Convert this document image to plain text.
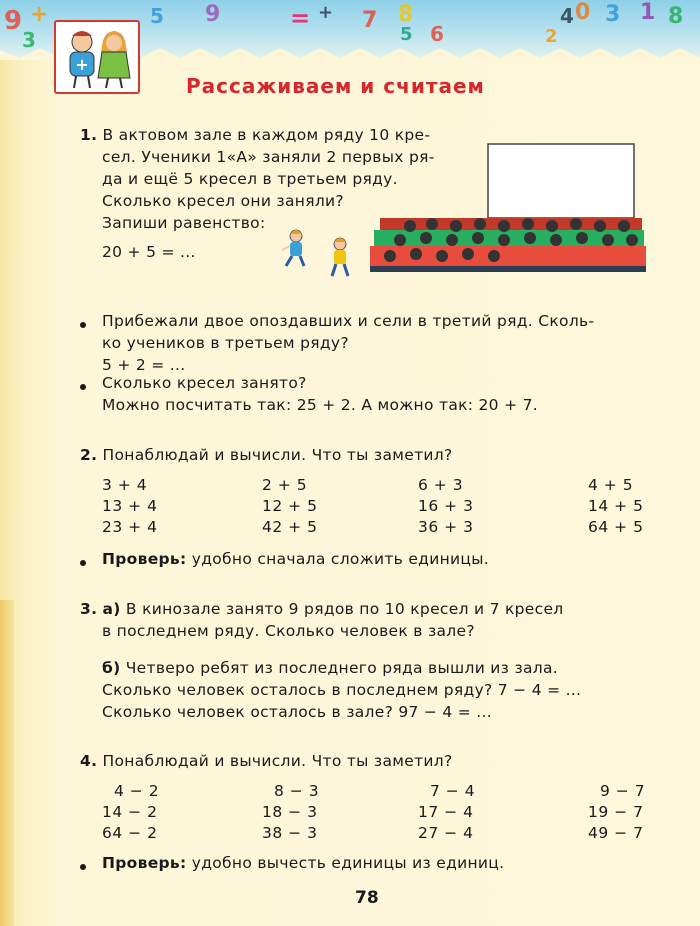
9 +
3
5 9	= + 7 8
5 6
4 0 3 1 8
2
+
Рассаживаем и считаем
1. В актовом зале в каждом ряду 10 кре-
сел. Ученики 1«А» заняли 2 первых ря-
да и ещё 5 кресел в третьем ряду.
Сколько кресел они заняли?
Запиши равенство:
20 + 5 = ...
Прибежали двое опоздавших и сели в третий ряд. Сколь-
ко учеников в третьем ряду?
5 + 2 = ...
Сколько кресел занято?
Можно посчитать так: 25 + 2. А можно так: 20 + 7.
2. Понаблюдай и вычисли. Что ты заметил?
3 + 4
13 + 4
23 + 4
2 + 5
12 + 5
42 + 5
6 + 3
16 + 3
36 + 3
4 + 5
14 + 5
64 + 5
Проверь: удобно сначала сложить единицы.
3. а) В кинозале занято 9 рядов по 10 кресел и 7 кресел
в последнем ряду. Сколько человек в зале?
б) Четверо ребят из последнего ряда вышли из зала.
Сколько человек осталось в последнем ряду? 7 − 4 = ...
Сколько человек осталось в зале? 97 − 4 = ...
4. Понаблюдай и вычисли. Что ты заметил?
4 − 2
14 − 2
64 − 2
8 − 3
18 − 3
38 − 3
7 − 4
17 − 4
27 − 4
9 − 7
19 − 7
49 − 7
Проверь: удобно вычесть единицы из единиц.
78
